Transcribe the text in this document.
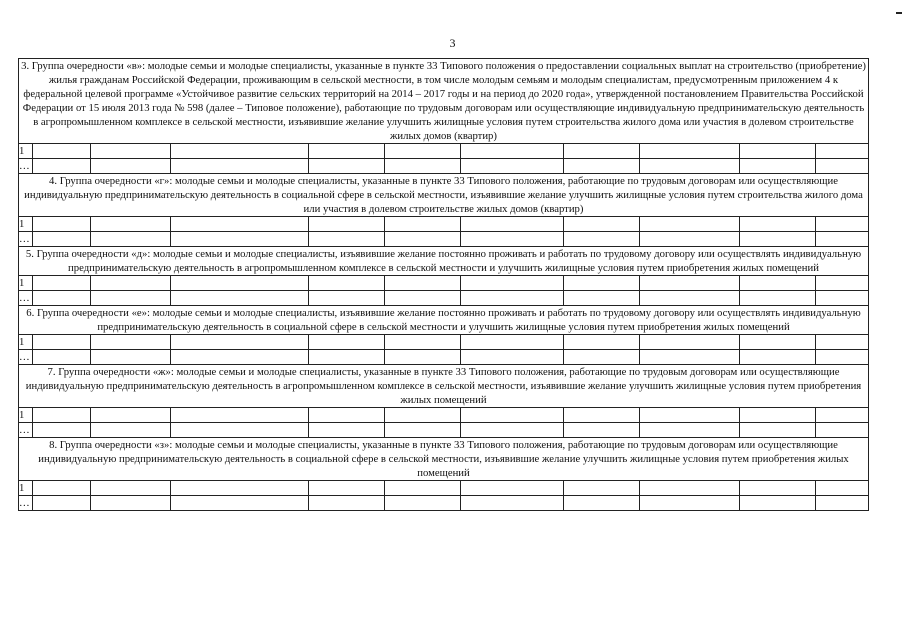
3
3. Группа очередности «в»: молодые семьи и молодые специалисты, указанные в пункте 33 Типового положения о предоставлении социальных выплат на строительство (приобретение) жилья гражданам Российской Федерации, проживающим в сельской местности, в том числе молодым семьям и молодым специалистам, предусмотренным приложением 4 к федеральной целевой программе «Устойчивое развитие сельских территорий на 2014 – 2017 годы и на период до 2020 года», утвержденной постановлением Правительства Российской Федерации от 15 июля 2013 года № 598 (далее – Типовое положение), работающие по трудовым договорам или осуществляющие индивидуальную предпринимательскую деятельность в агропромышленном комплексе в сельской местности, изъявившие желание улучшить жилищные условия путем строительства жилого дома или участия в долевом строительстве жилых домов (квартир)										
1										
…										
4. Группа очередности «г»: молодые семьи и молодые специалисты, указанные в пункте 33 Типового положения, работающие по трудовым договорам или осуществляющие индивидуальную предпринимательскую деятельность в социальной сфере в сельской местности, изъявившие желание улучшить жилищные условия путем строительства жилого дома или участия в долевом строительстве жилых домов (квартир)										
1										
…										
5. Группа очередности «д»: молодые семьи и молодые специалисты, изъявившие желание постоянно проживать и работать по трудовому договору или осуществлять индивидуальную предпринимательскую деятельность в агропромышленном комплексе в сельской местности и улучшить жилищные условия путем приобретения жилых помещений										
1										
…										
6. Группа очередности «е»: молодые семьи и молодые специалисты, изъявившие желание постоянно проживать и работать по трудовому договору или осуществлять индивидуальную предпринимательскую деятельность в социальной сфере в сельской местности и улучшить жилищные условия путем приобретения жилых помещений										
1										
…										
7. Группа очередности «ж»: молодые семьи и молодые специалисты, указанные в пункте 33 Типового положения, работающие по трудовым договорам или осуществляющие индивидуальную предпринимательскую деятельность в агропромышленном комплексе в сельской местности, изъявившие желание улучшить жилищные условия путем приобретения жилых помещений										
1										
…										
8. Группа очередности «з»: молодые семьи и молодые специалисты, указанные в пункте 33 Типового положения, работающие по трудовым договорам или осуществляющие индивидуальную предпринимательскую деятельность в социальной сфере в сельской местности, изъявившие желание улучшить жилищные условия путем приобретения жилых помещений										
1										
…										
